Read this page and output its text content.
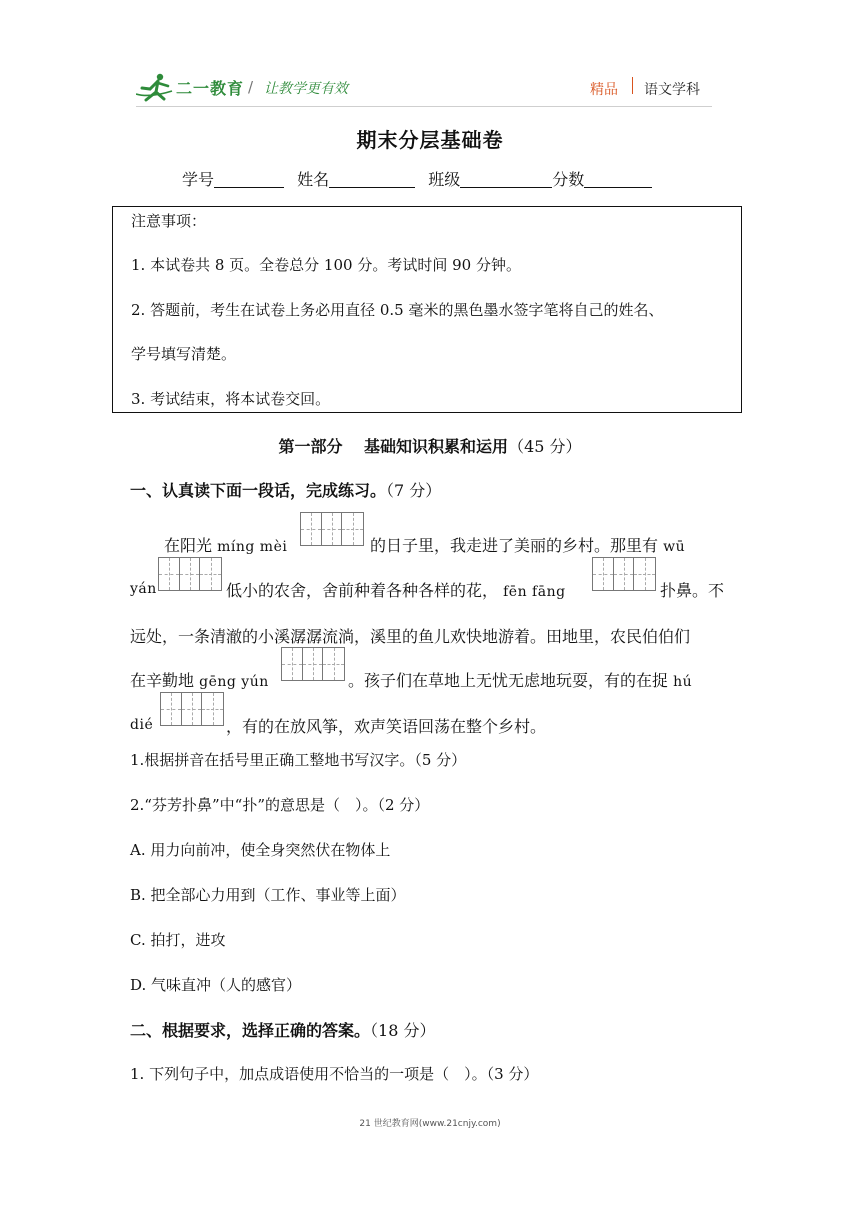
二一教育 / 让教学更有效	精品 语文学科
期末分层基础卷
学号	姓名	班级	分数
注意事项：
1. 本试卷共 8 页。全卷总分 100 分。考试时间 90 分钟。
2. 答题前，考生在试卷上务必用直径 0.5 毫米的黑色墨水签字笔将自己的姓名、
学号填写清楚。
3. 考试结束，将本试卷交回。
第一部分　 基础知识积累和运用（45 分）
一、认真读下面一段话，完成练习。（7 分）
在阳光 míng mèi	的日子里，我走进了美丽的乡村。那里有 wū
yán	低小的农舍，舍前种着各种各样的花， fēn fāng	扑鼻。不
远处，一条清澈的小溪潺潺流淌，溪里的鱼儿欢快地游着。田地里，农民伯伯们
在辛勤地 gēng yún	。孩子们在草地上无忧无虑地玩耍，有的在捉 hú
dié	，有的在放风筝，欢声笑语回荡在整个乡村。
1.根据拼音在括号里正确工整地书写汉字。（5 分）
2.“芬芳扑鼻”中“扑”的意思是（　）。（2 分）
A. 用力向前冲，使全身突然伏在物体上
B. 把全部心力用到（工作、事业等上面）
C. 拍打，进攻
D. 气味直冲（人的感官）
二、根据要求，选择正确的答案。（18 分）
1. 下列句子中，加点成语使用不恰当的一项是（　）。（3 分）
21 世纪教育网(www.21cnjy.com)
